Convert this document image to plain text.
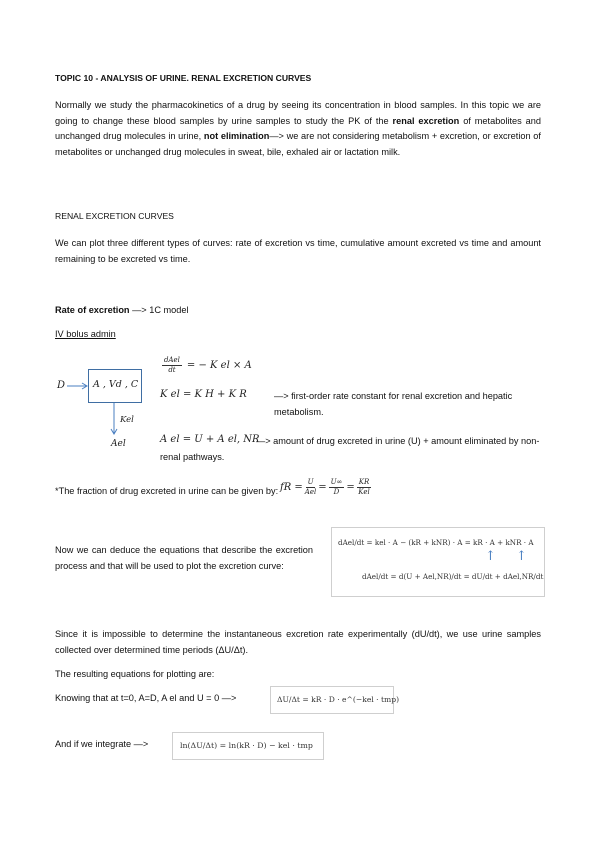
TOPIC 10 - ANALYSIS OF URINE. RENAL EXCRETION CURVES
Normally we study the pharmacokinetics of a drug by seeing its concentration in blood samples. In this topic we are going to change these blood samples by urine samples to study the PK of the renal excretion of metabolites and unchanged drug molecules in urine, not elimination—> we are not considering metabolism + excretion, or excretion of metabolites or unchanged drug molecules in sweat, bile, exhaled air or lactation milk.
RENAL EXCRETION CURVES
We can plot three different types of curves: rate of excretion vs time, cumulative amount excreted vs time and amount remaining to be excreted vs time.
Rate of excretion —> 1C model
IV bolus admin
D	A , Vd , C
Kel
Ael
$\frac{\text{dAel}}{dt}$ = − K el × A
K el = K H + K R	—> first-order rate constant for renal excretion and hepatic metabolism.
A el = U + A el, NR
—> amount of drug excreted in urine (U) + amount eliminated by non-renal pathways.
*The fraction of drug excreted in urine can be given by: fR = $\frac{U}{\text{Ael}} = \frac{U\infty}{D} = \frac{KR}{\text{Kel}}$
Now we can deduce the equations that describe the excretion process and that will be used to plot the excretion curve:
dAel/dt = kel · A − (kR + kNR) · A = kR · A + kNR · A
↑ ↑
dAel/dt = d(U + Ael,NR)/dt = dU/dt + dAel,NR/dt
Since it is impossible to determine the instantaneous excretion rate experimentally (dU/dt), we use urine samples collected over determined time periods (ΔU/Δt).
The resulting equations for plotting are:
Knowing that at t=0, A=D, A el and U = 0 —>	ΔU/Δt = kR · D · e^(−kel · tmp)
And if we integrate —>	ln(ΔU/Δt) = ln(kR · D) − kel · tmp
